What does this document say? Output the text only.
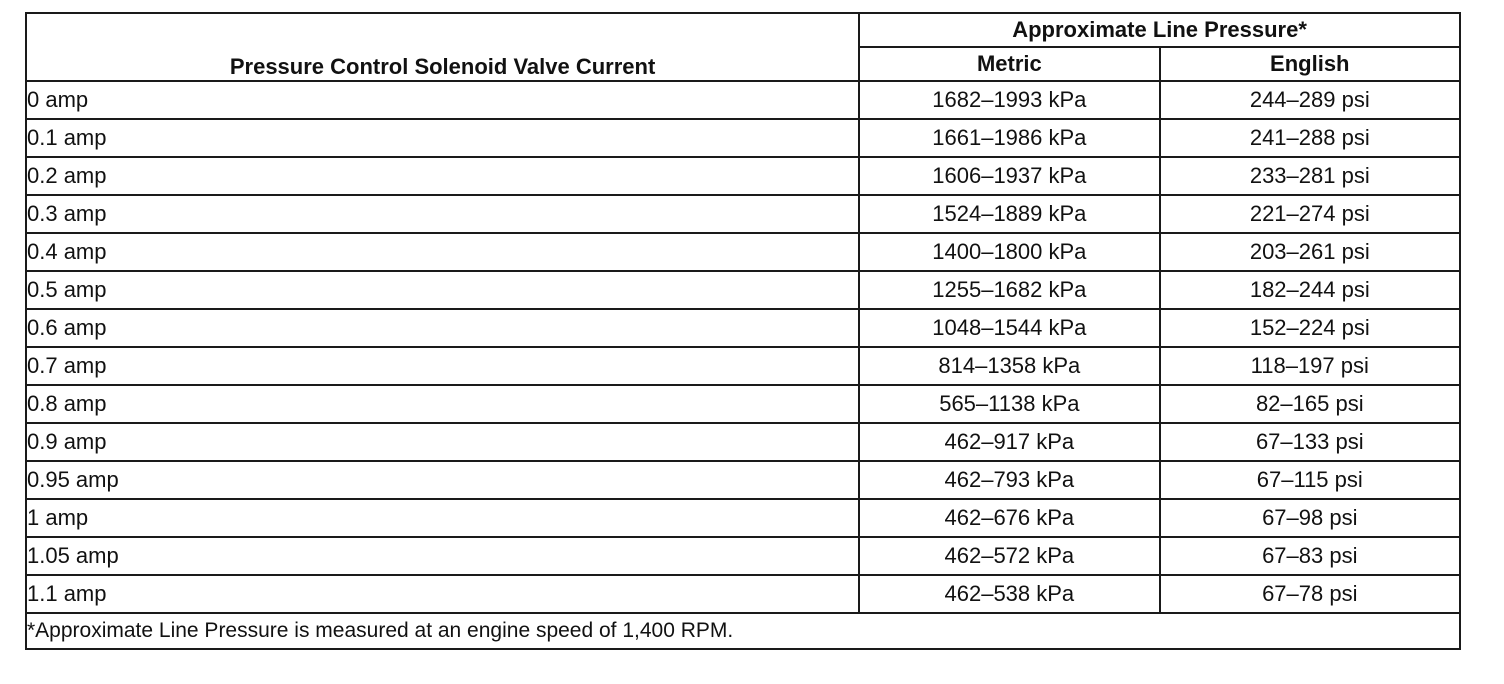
Pressure Control Solenoid Valve Current	Approximate Line Pressure*	
	Metric	English
0 amp	1682–1993 kPa	244–289 psi
0.1 amp	1661–1986 kPa	241–288 psi
0.2 amp	1606–1937 kPa	233–281 psi
0.3 amp	1524–1889 kPa	221–274 psi
0.4 amp	1400–1800 kPa	203–261 psi
0.5 amp	1255–1682 kPa	182–244 psi
0.6 amp	1048–1544 kPa	152–224 psi
0.7 amp	814–1358 kPa	118–197 psi
0.8 amp	565–1138 kPa	82–165 psi
0.9 amp	462–917 kPa	67–133 psi
0.95 amp	462–793 kPa	67–115 psi
1 amp	462–676 kPa	67–98 psi
1.05 amp	462–572 kPa	67–83 psi
1.1 amp	462–538 kPa	67–78 psi
*Approximate Line Pressure is measured at an engine speed of 1,400 RPM.		
